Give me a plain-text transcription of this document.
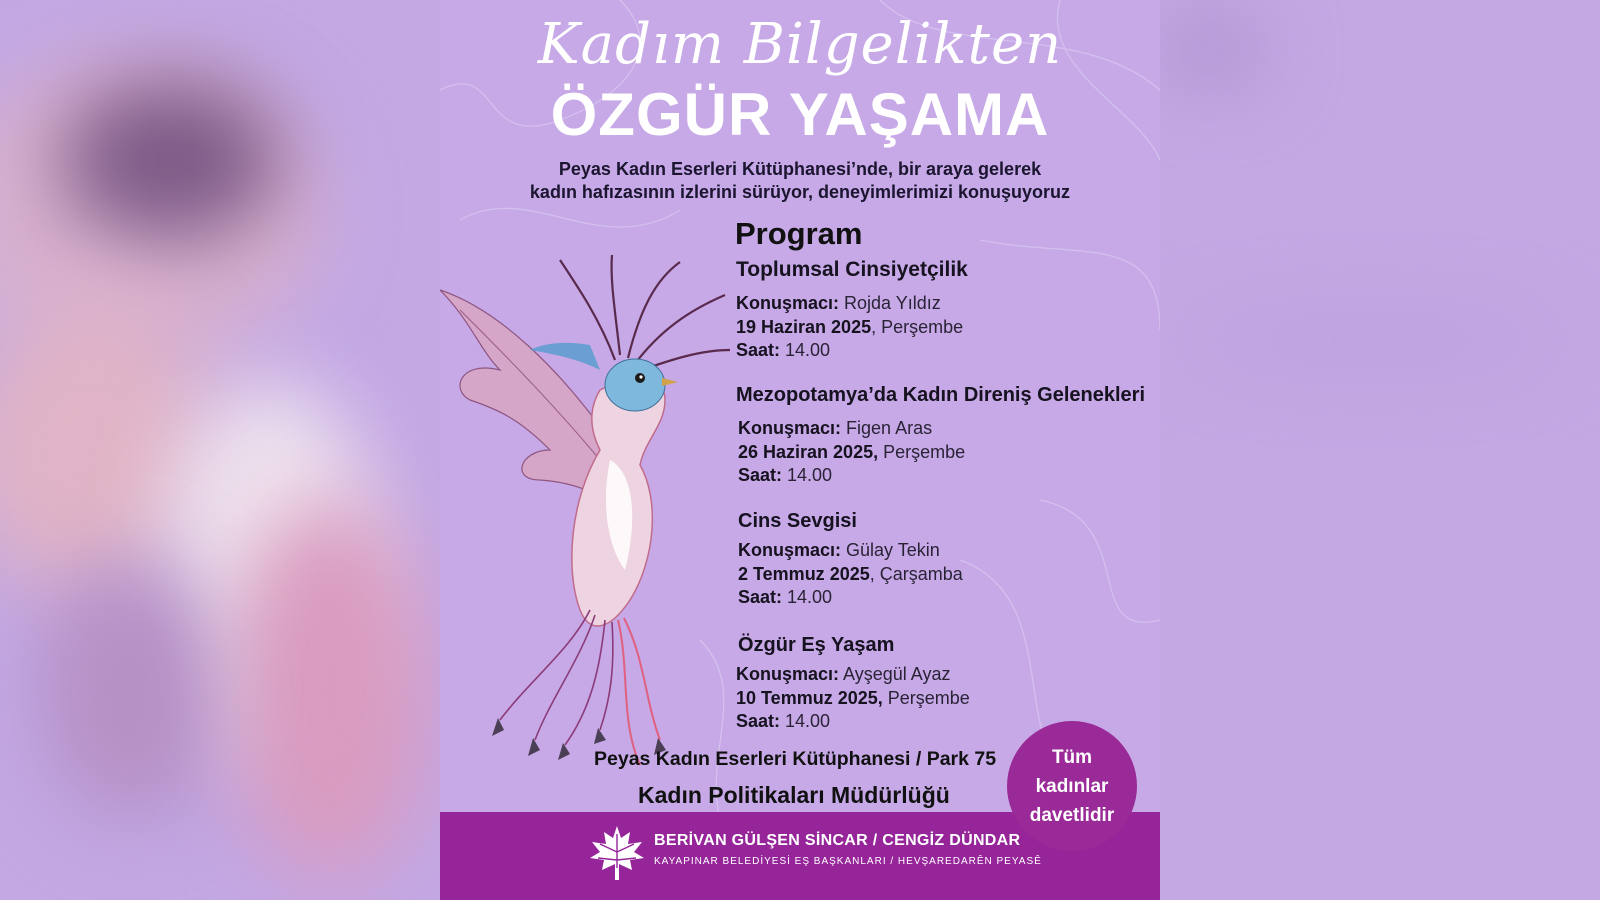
Kadım Bilgelikten
ÖZGÜR YAŞAMA
Peyas Kadın Eserleri Kütüphanesi’nde, bir araya gelerek
kadın hafızasının izlerini sürüyor, deneyimlerimizi konuşuyoruz
Program
Toplumsal Cinsiyetçilik
Konuşmacı: Rojda Yıldız
19 Haziran 2025, Perşembe
Saat: 14.00
Mezopotamya’da Kadın Direniş Gelenekleri
Konuşmacı: Figen Aras
26 Haziran 2025, Perşembe
Saat: 14.00
Cins Sevgisi
Konuşmacı: Gülay Tekin
2 Temmuz 2025, Çarşamba
Saat: 14.00
Özgür Eş Yaşam
Konuşmacı: Ayşegül Ayaz
10 Temmuz 2025, Perşembe
Saat: 14.00
Peyas Kadın Eserleri Kütüphanesi / Park 75
Kadın Politikaları Müdürlüğü
Tüm
kadınlar
davetlidir
BERİVAN GÜLŞEN SİNCAR / CENGİZ DÜNDAR
KAYAPINAR BELEDİYESİ EŞ BAŞKANLARI / HEVŞAREDARÊN PEYASÊ
